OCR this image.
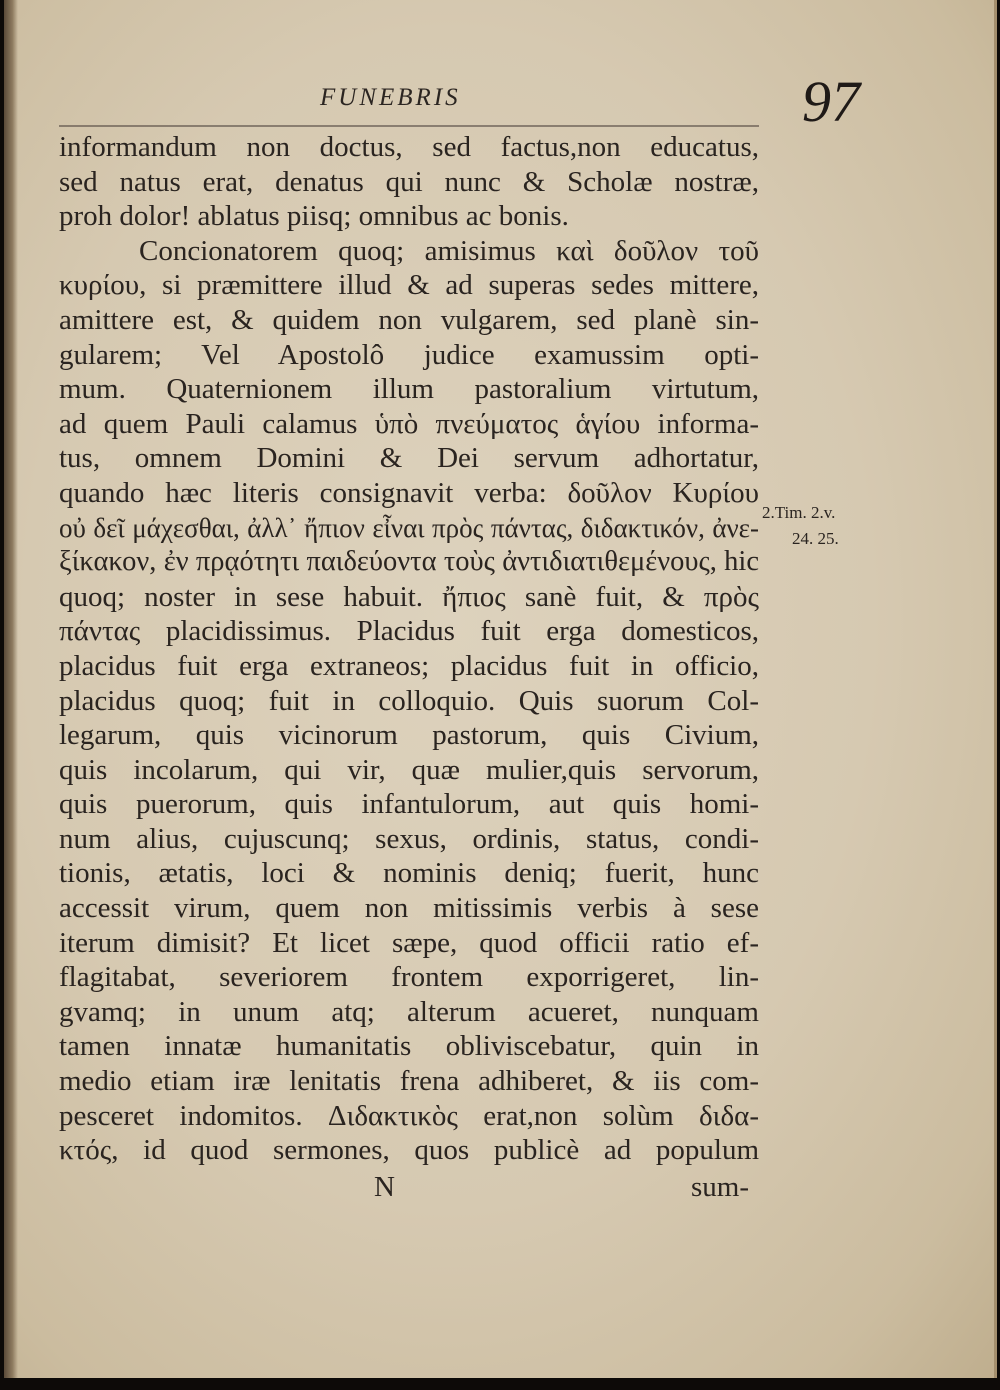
FUNEBRIS	97
informandum non doctus, sed factus,non educatus,
sed natus erat, denatus qui nunc & Scholæ nostræ,
proh dolor! ablatus piisq; omnibus ac bonis.
Concionatorem quoq; amisimus καὶ δοῦλον τοῦ
κυρίου, si præmittere illud & ad superas sedes mittere,
amittere est, & quidem non vulgarem, sed planè sin-
gularem; Vel Apostolô judice examussim opti-
mum. Quaternionem illum pastoralium virtutum,
ad quem Pauli calamus ὑπὸ πνεύματος ἁγίου informa-
tus, omnem Domini & Dei servum adhortatur,
quando hæc literis consignavit verba: δοῦλον Κυρίου
οὐ δεῖ μάχεσθαι, ἀλλ᾽ ἤπιον εἶναι πρὸς πάντας, διδακτικόν, ἀνε-
ξίκακον, ἐν πρᾳότητι παιδεύοντα τοὺς ἀντιδιατιθεμένους, hic
quoq; noster in sese habuit. ἤπιος sanè fuit, & πρὸς
πάντας placidissimus. Placidus fuit erga domesticos,
placidus fuit erga extraneos; placidus fuit in officio,
placidus quoq; fuit in colloquio. Quis suorum Col-
legarum, quis vicinorum pastorum, quis Civium,
quis incolarum, qui vir, quæ mulier,quis servorum,
quis puerorum, quis infantulorum, aut quis homi-
num alius, cujuscunq; sexus, ordinis, status, condi-
tionis, ætatis, loci & nominis deniq; fuerit, hunc
accessit virum, quem non mitissimis verbis à sese
iterum dimisit? Et licet sæpe, quod officii ratio ef-
flagitabat, severiorem frontem exporrigeret, lin-
gvamq; in unum atq; alterum acueret, nunquam
tamen innatæ humanitatis obliviscebatur, quin in
medio etiam iræ lenitatis frena adhiberet, & iis com-
pesceret indomitos. Διδακτικὸς erat,non solùm διδα-
κτός, id quod sermones, quos publicè ad populum
N	sum-
2.Tim. 2.v.
24. 25.
